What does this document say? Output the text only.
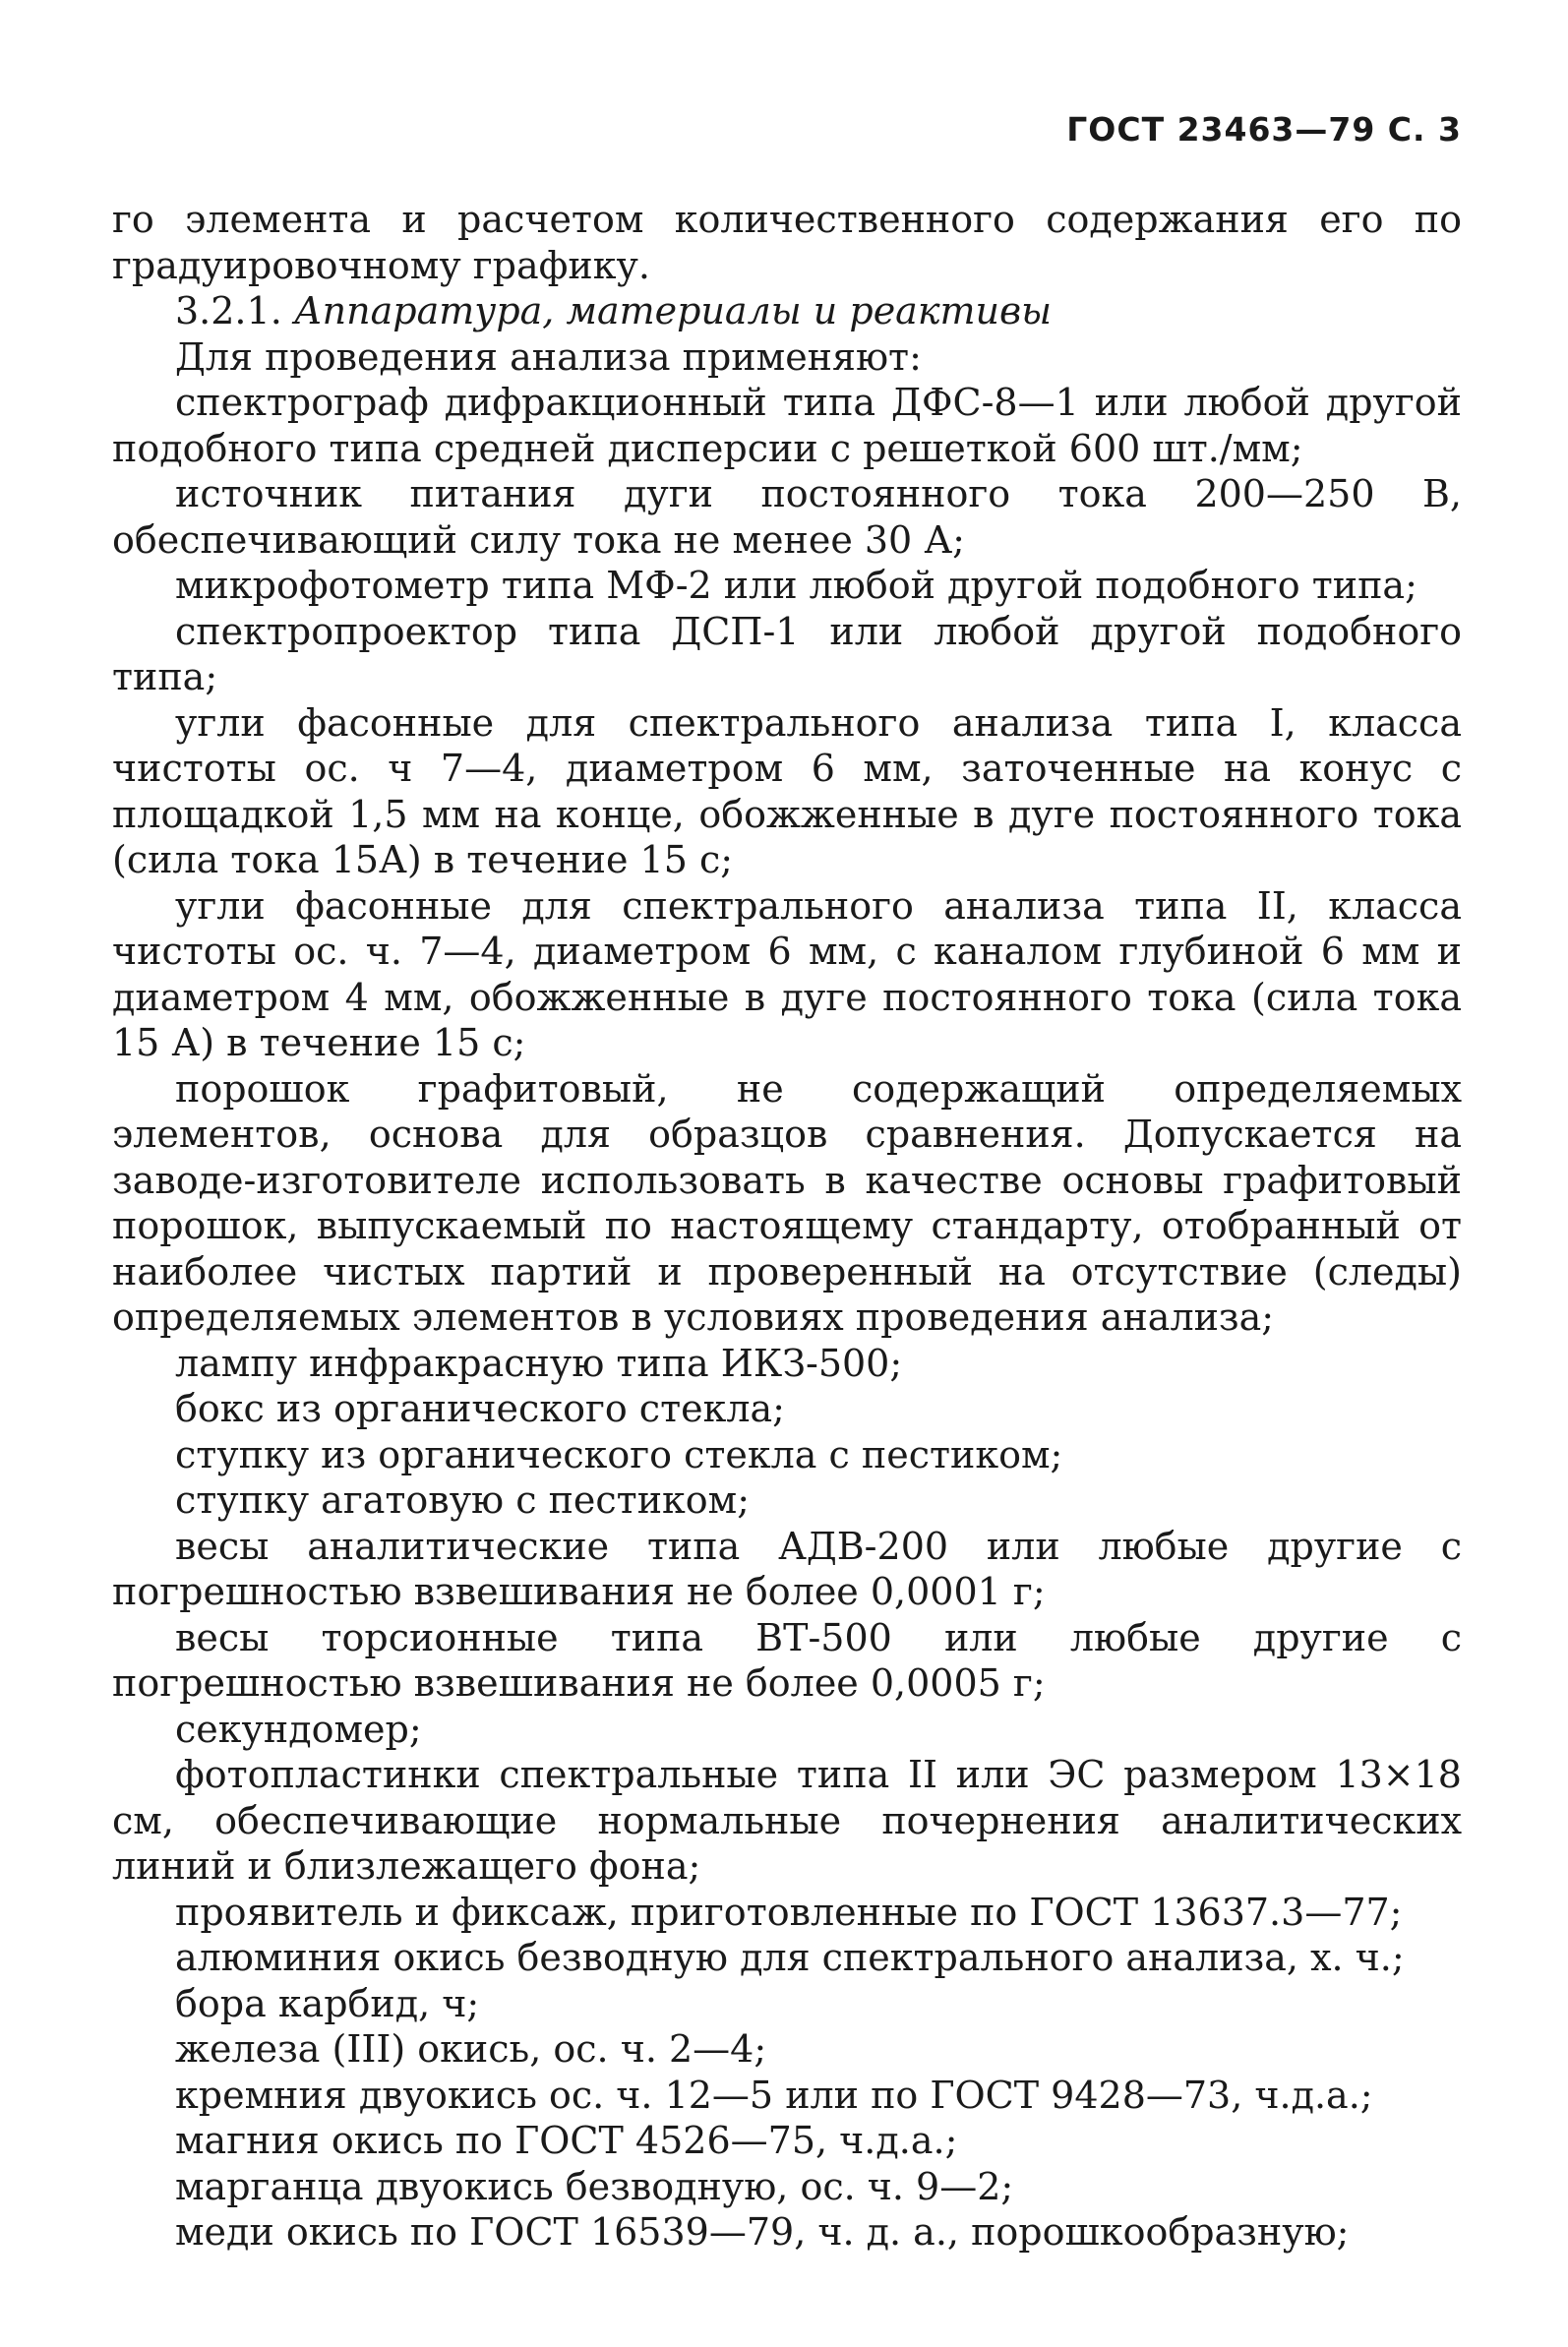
ГОСТ 23463—79 С. 3

го элемента и расчетом количественного содержания его по градуировочному графику.

3.2.1. Аппаратура, материалы и реактивы

Для проведения анализа применяют:

спектрограф дифракционный типа ДФС-8—1 или любой другой подобного типа средней дисперсии с решеткой 600 шт./мм;

источник питания дуги постоянного тока 200—250 В, обеспечивающий силу тока не менее 30 А;

микрофотометр типа МФ-2 или любой другой подобного типа;

спектропроектор типа ДСП-1 или любой другой подобного типа;

угли фасонные для спектрального анализа типа I, класса чистоты ос. ч 7—4, диаметром 6 мм, заточенные на конус с площадкой 1,5 мм на конце, обожженные в дуге постоянного тока (сила тока 15А) в течение 15 с;

угли фасонные для спектрального анализа типа II, класса чистоты ос. ч. 7—4, диаметром 6 мм, с каналом глубиной 6 мм и диаметром 4 мм, обожженные в дуге постоянного тока (сила тока 15 А) в течение 15 с;

порошок графитовый, не содержащий определяемых элементов, основа для образцов сравнения. Допускается на заводе-изготовителе использовать в качестве основы графитовый порошок, выпускаемый по настоящему стандарту, отобранный от наиболее чистых партий и проверенный на отсутствие (следы) определяемых элементов в условиях проведения анализа;

лампу инфракрасную типа ИКЗ-500;

бокс из органического стекла;

ступку из органического стекла с пестиком;

ступку агатовую с пестиком;

весы аналитические типа АДВ-200 или любые другие с погрешностью взвешивания не более 0,0001 г;

весы торсионные типа ВТ-500 или любые другие с погрешностью взвешивания не более 0,0005 г;

секундомер;

фотопластинки спектральные типа II или ЭС размером 13×18 см, обеспечивающие нормальные почернения аналитических линий и близлежащего фона;

проявитель и фиксаж, приготовленные по ГОСТ 13637.3—77;

алюминия окись безводную для спектрального анализа, х. ч.;

бора карбид, ч;

железа (III) окись, ос. ч. 2—4;

кремния двуокись ос. ч. 12—5 или по ГОСТ 9428—73, ч.д.а.;

магния окись по ГОСТ 4526—75, ч.д.а.;

марганца двуокись безводную, ос. ч. 9—2;

меди окись по ГОСТ 16539—79, ч. д. а., порошкообразную;
